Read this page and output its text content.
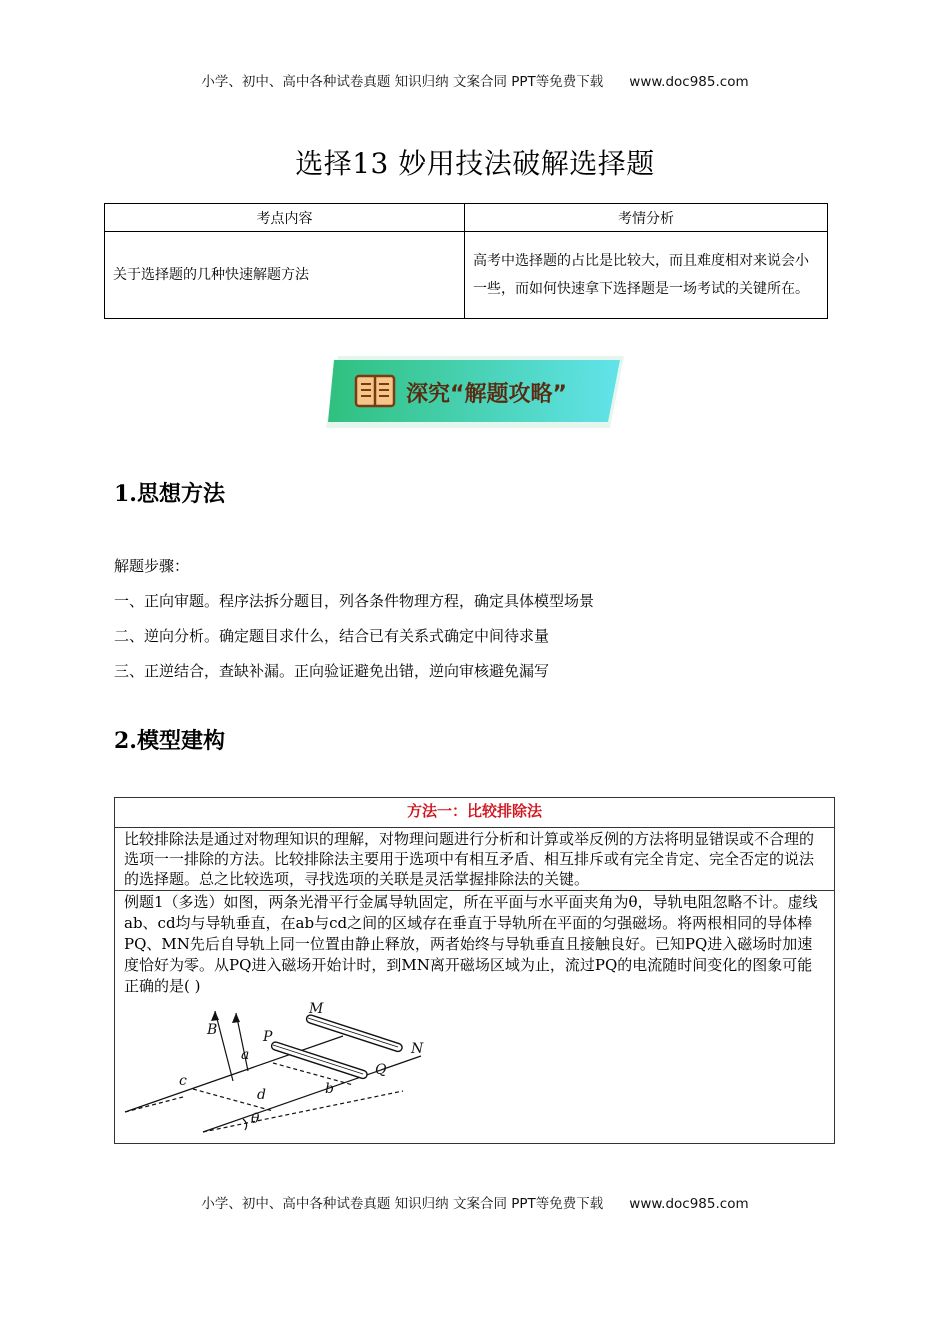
小学、初中、高中各种试卷真题 知识归纳 文案合同 PPT等免费下载 www.doc985.com
选择13 妙用技法破解选择题
考点内容	考情分析
关于选择题的几种快速解题方法	高考中选择题的占比是比较大，而且难度相对来说会小一些，而如何快速拿下选择题是一场考试的关键所在。
深究“解题攻略”
1.思想方法

解题步骤：

一、正向审题。程序法拆分题目，列各条件物理方程，确定具体模型场景

二、逆向分析。确定题目求什么，结合已有关系式确定中间待求量

三、正逆结合，查缺补漏。正向验证避免出错，逆向审核避免漏写

2.模型建构
方法一：比较排除法
比较排除法是通过对物理知识的理解，对物理问题进行分析和计算或举反例的方法将明显错误或不合理的选项一一排除的方法。比较排除法主要用于选项中有相互矛盾、相互排斥或有完全肯定、完全否定的说法的选择题。总之比较选项，寻找选项的关联是灵活掌握排除法的关键。
例题1（多选）如图，两条光滑平行金属导轨固定，所在平面与水平面夹角为θ，导轨电阻忽略不计。虚线ab、cd均与导轨垂直，在ab与cd之间的区域存在垂直于导轨所在平面的匀强磁场。将两根相同的导体棒PQ、MN先后自导轨上同一位置由静止释放，两者始终与导轨垂直且接触良好。已知PQ进入磁场时加速度恰好为零。从PQ进入磁场开始计时，到MN离开磁场区域为止，流过PQ的电流随时间变化的图象可能正确的是( )
B
a
P
M
N
Q
c
d	b
θ
小学、初中、高中各种试卷真题 知识归纳 文案合同 PPT等免费下载 www.doc985.com
